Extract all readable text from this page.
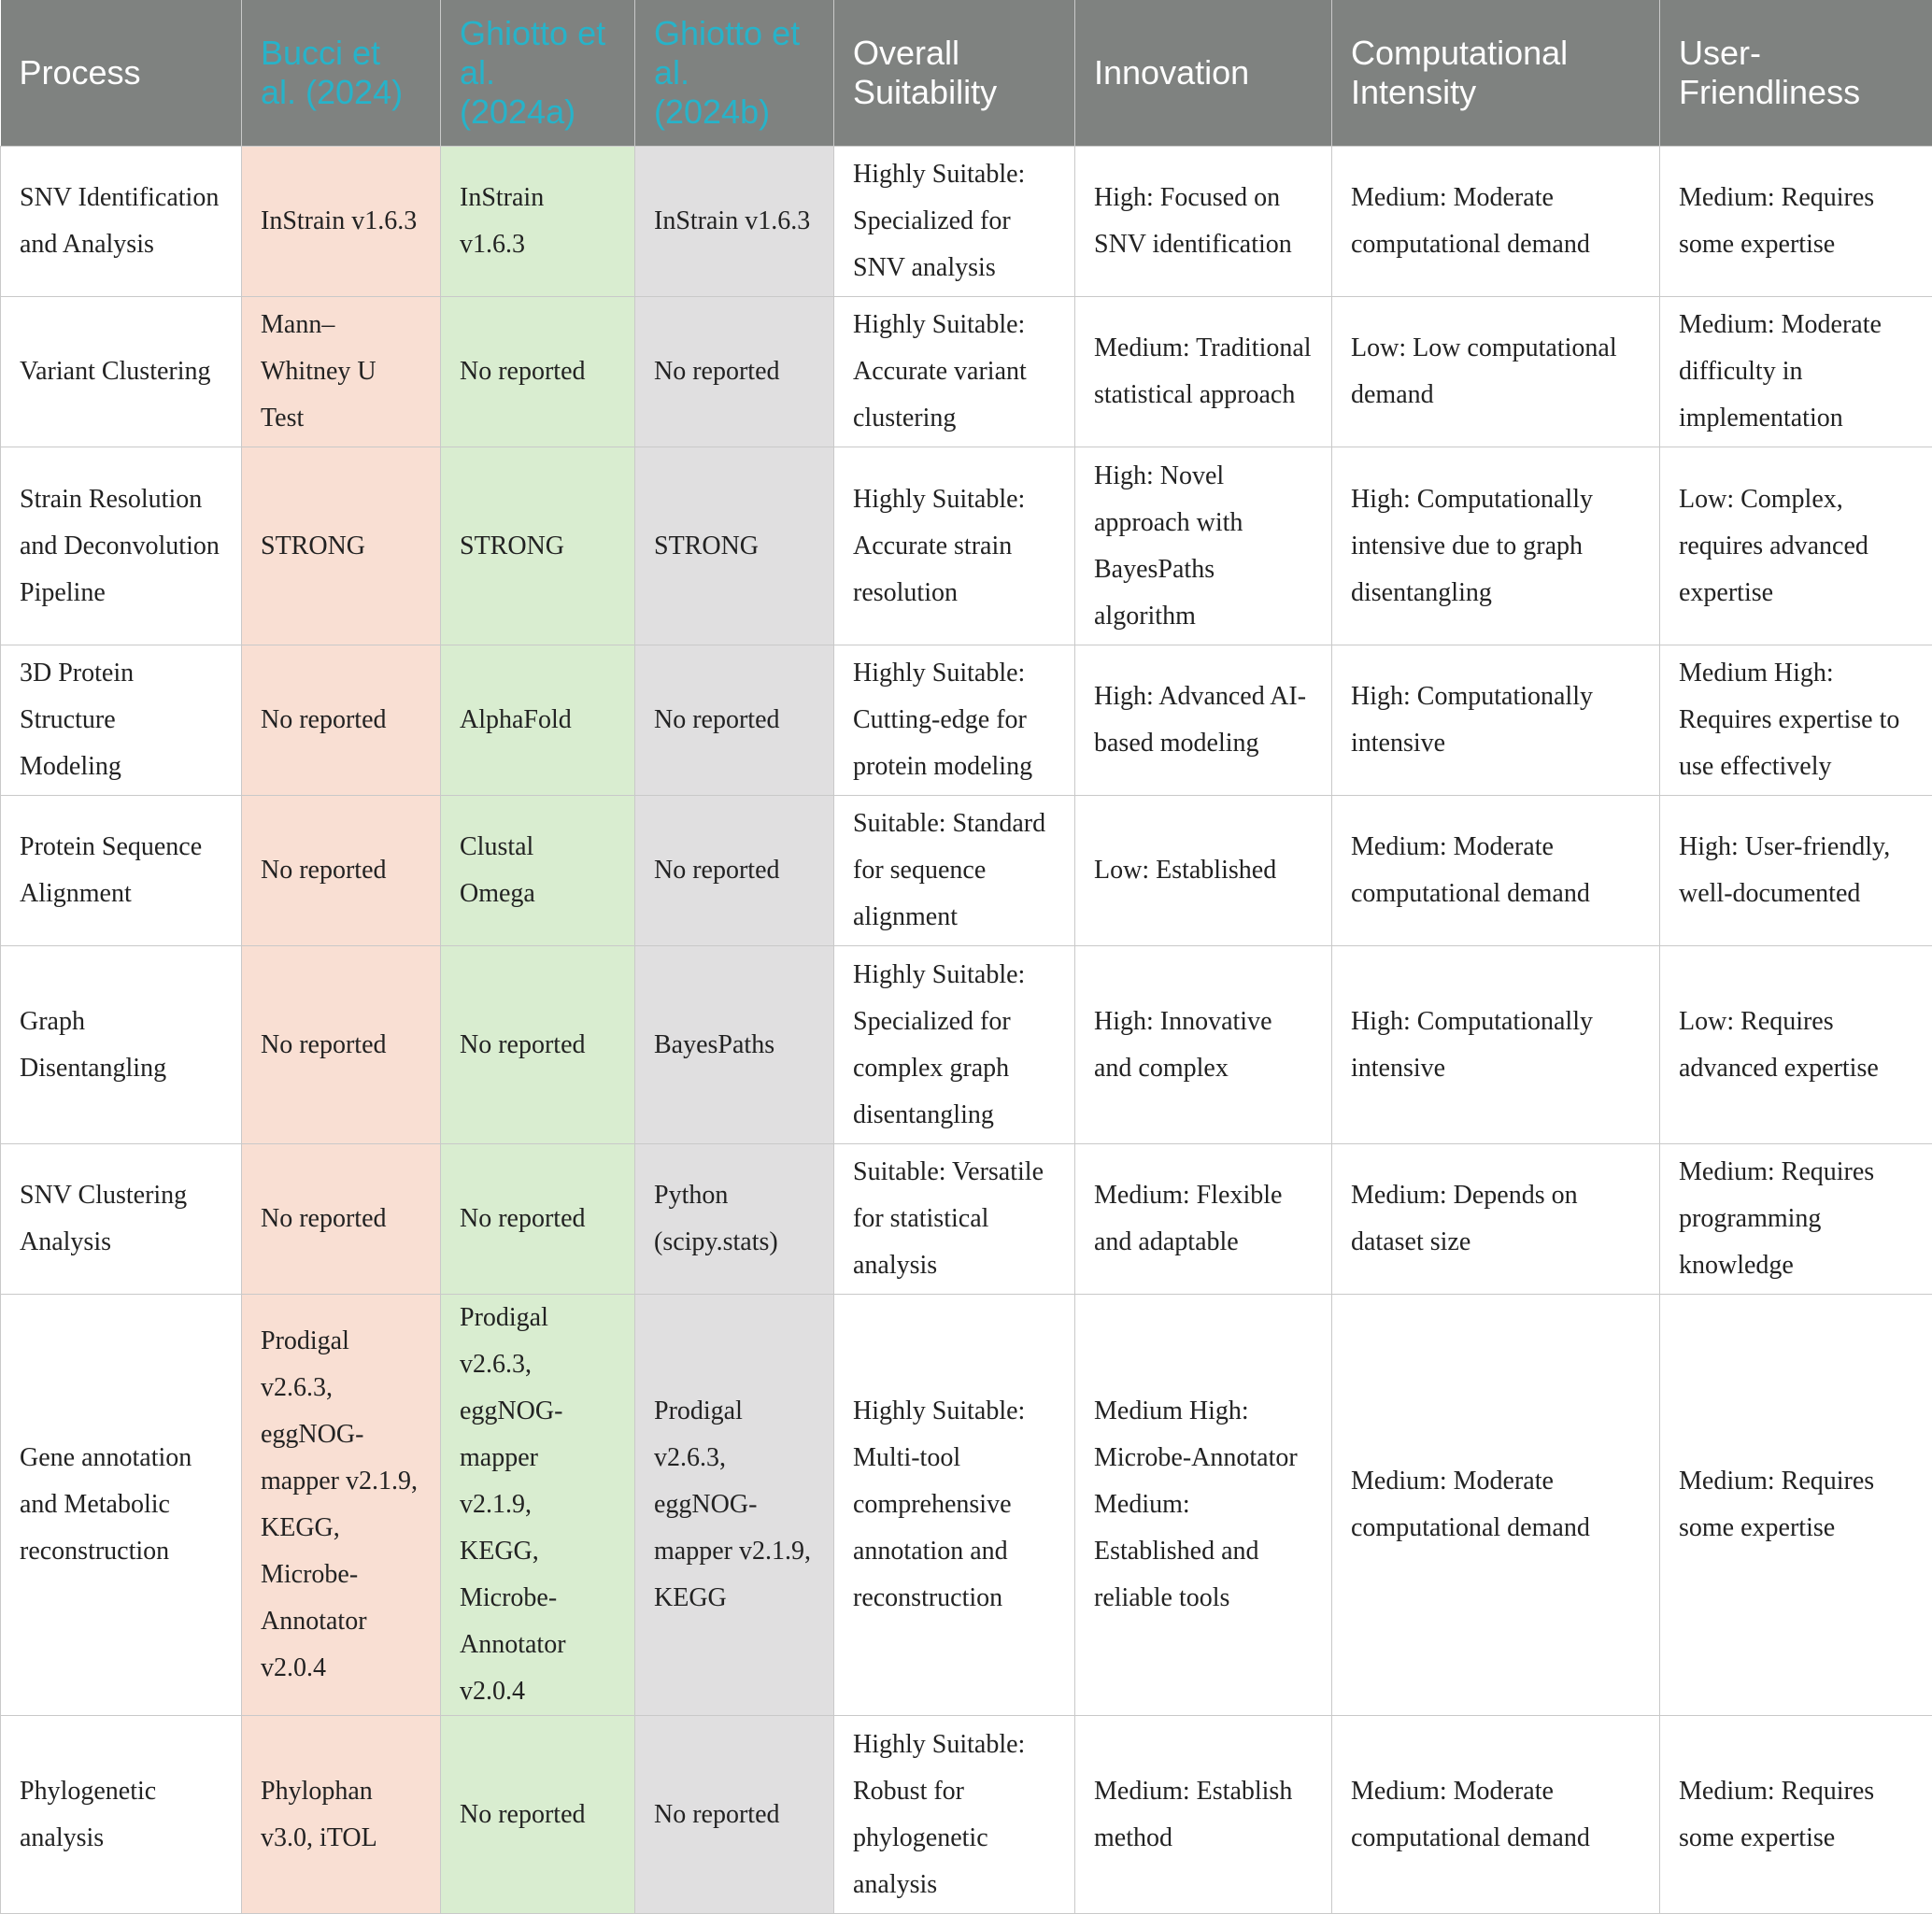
Process	Bucci et al. (2024)	Ghiotto et al. (2024a)	Ghiotto et al. (2024b)	Overall Suitability	Innovation	Computational Intensity	User-Friendliness
SNV Identification and Analysis	InStrain v1.6.3	InStrain v1.6.3	InStrain v1.6.3	Highly Suitable: Specialized for SNV analysis	High: Focused on SNV identification	Medium: Moderate computational demand	Medium: Requires some expertise
Variant Clustering	Mann–Whitney U Test	No reported	No reported	Highly Suitable: Accurate variant clustering	Medium: Traditional statistical approach	Low: Low computational demand	Medium: Moderate difficulty in implementation
Strain Resolution and Deconvolution Pipeline	STRONG	STRONG	STRONG	Highly Suitable: Accurate strain resolution	High: Novel approach with BayesPaths algorithm	High: Computationally intensive due to graph disentangling	Low: Complex, requires advanced expertise
3D Protein Structure Modeling	No reported	AlphaFold	No reported	Highly Suitable: Cutting-edge for protein modeling	High: Advanced AI-based modeling	High: Computationally intensive	Medium High: Requires expertise to use effectively
Protein Sequence Alignment	No reported	Clustal Omega	No reported	Suitable: Standard for sequence alignment	Low: Established	Medium: Moderate computational demand	High: User-friendly, well-documented
Graph Disentangling	No reported	No reported	BayesPaths	Highly Suitable: Specialized for complex graph disentangling	High: Innovative and complex	High: Computationally intensive	Low: Requires advanced expertise
SNV Clustering Analysis	No reported	No reported	Python (scipy.stats)	Suitable: Versatile for statistical analysis	Medium: Flexible and adaptable	Medium: Depends on dataset size	Medium: Requires programming knowledge
Gene annotation and Metabolic reconstruction	Prodigal v2.6.3, eggNOG-mapper v2.1.9, KEGG, Microbe-Annotator v2.0.4	Prodigal v2.6.3, eggNOG-mapper v2.1.9, KEGG, Microbe-Annotator v2.0.4	Prodigal v2.6.3, eggNOG-mapper v2.1.9, KEGG	Highly Suitable: Multi-tool comprehensive annotation and reconstruction	Medium High: Microbe-Annotator Medium: Established and reliable tools	Medium: Moderate computational demand	Medium: Requires some expertise
Phylogenetic analysis	Phylophan v3.0, iTOL	No reported	No reported	Highly Suitable: Robust for phylogenetic analysis	Medium: Establish method	Medium: Moderate computational demand	Medium: Requires some expertise
